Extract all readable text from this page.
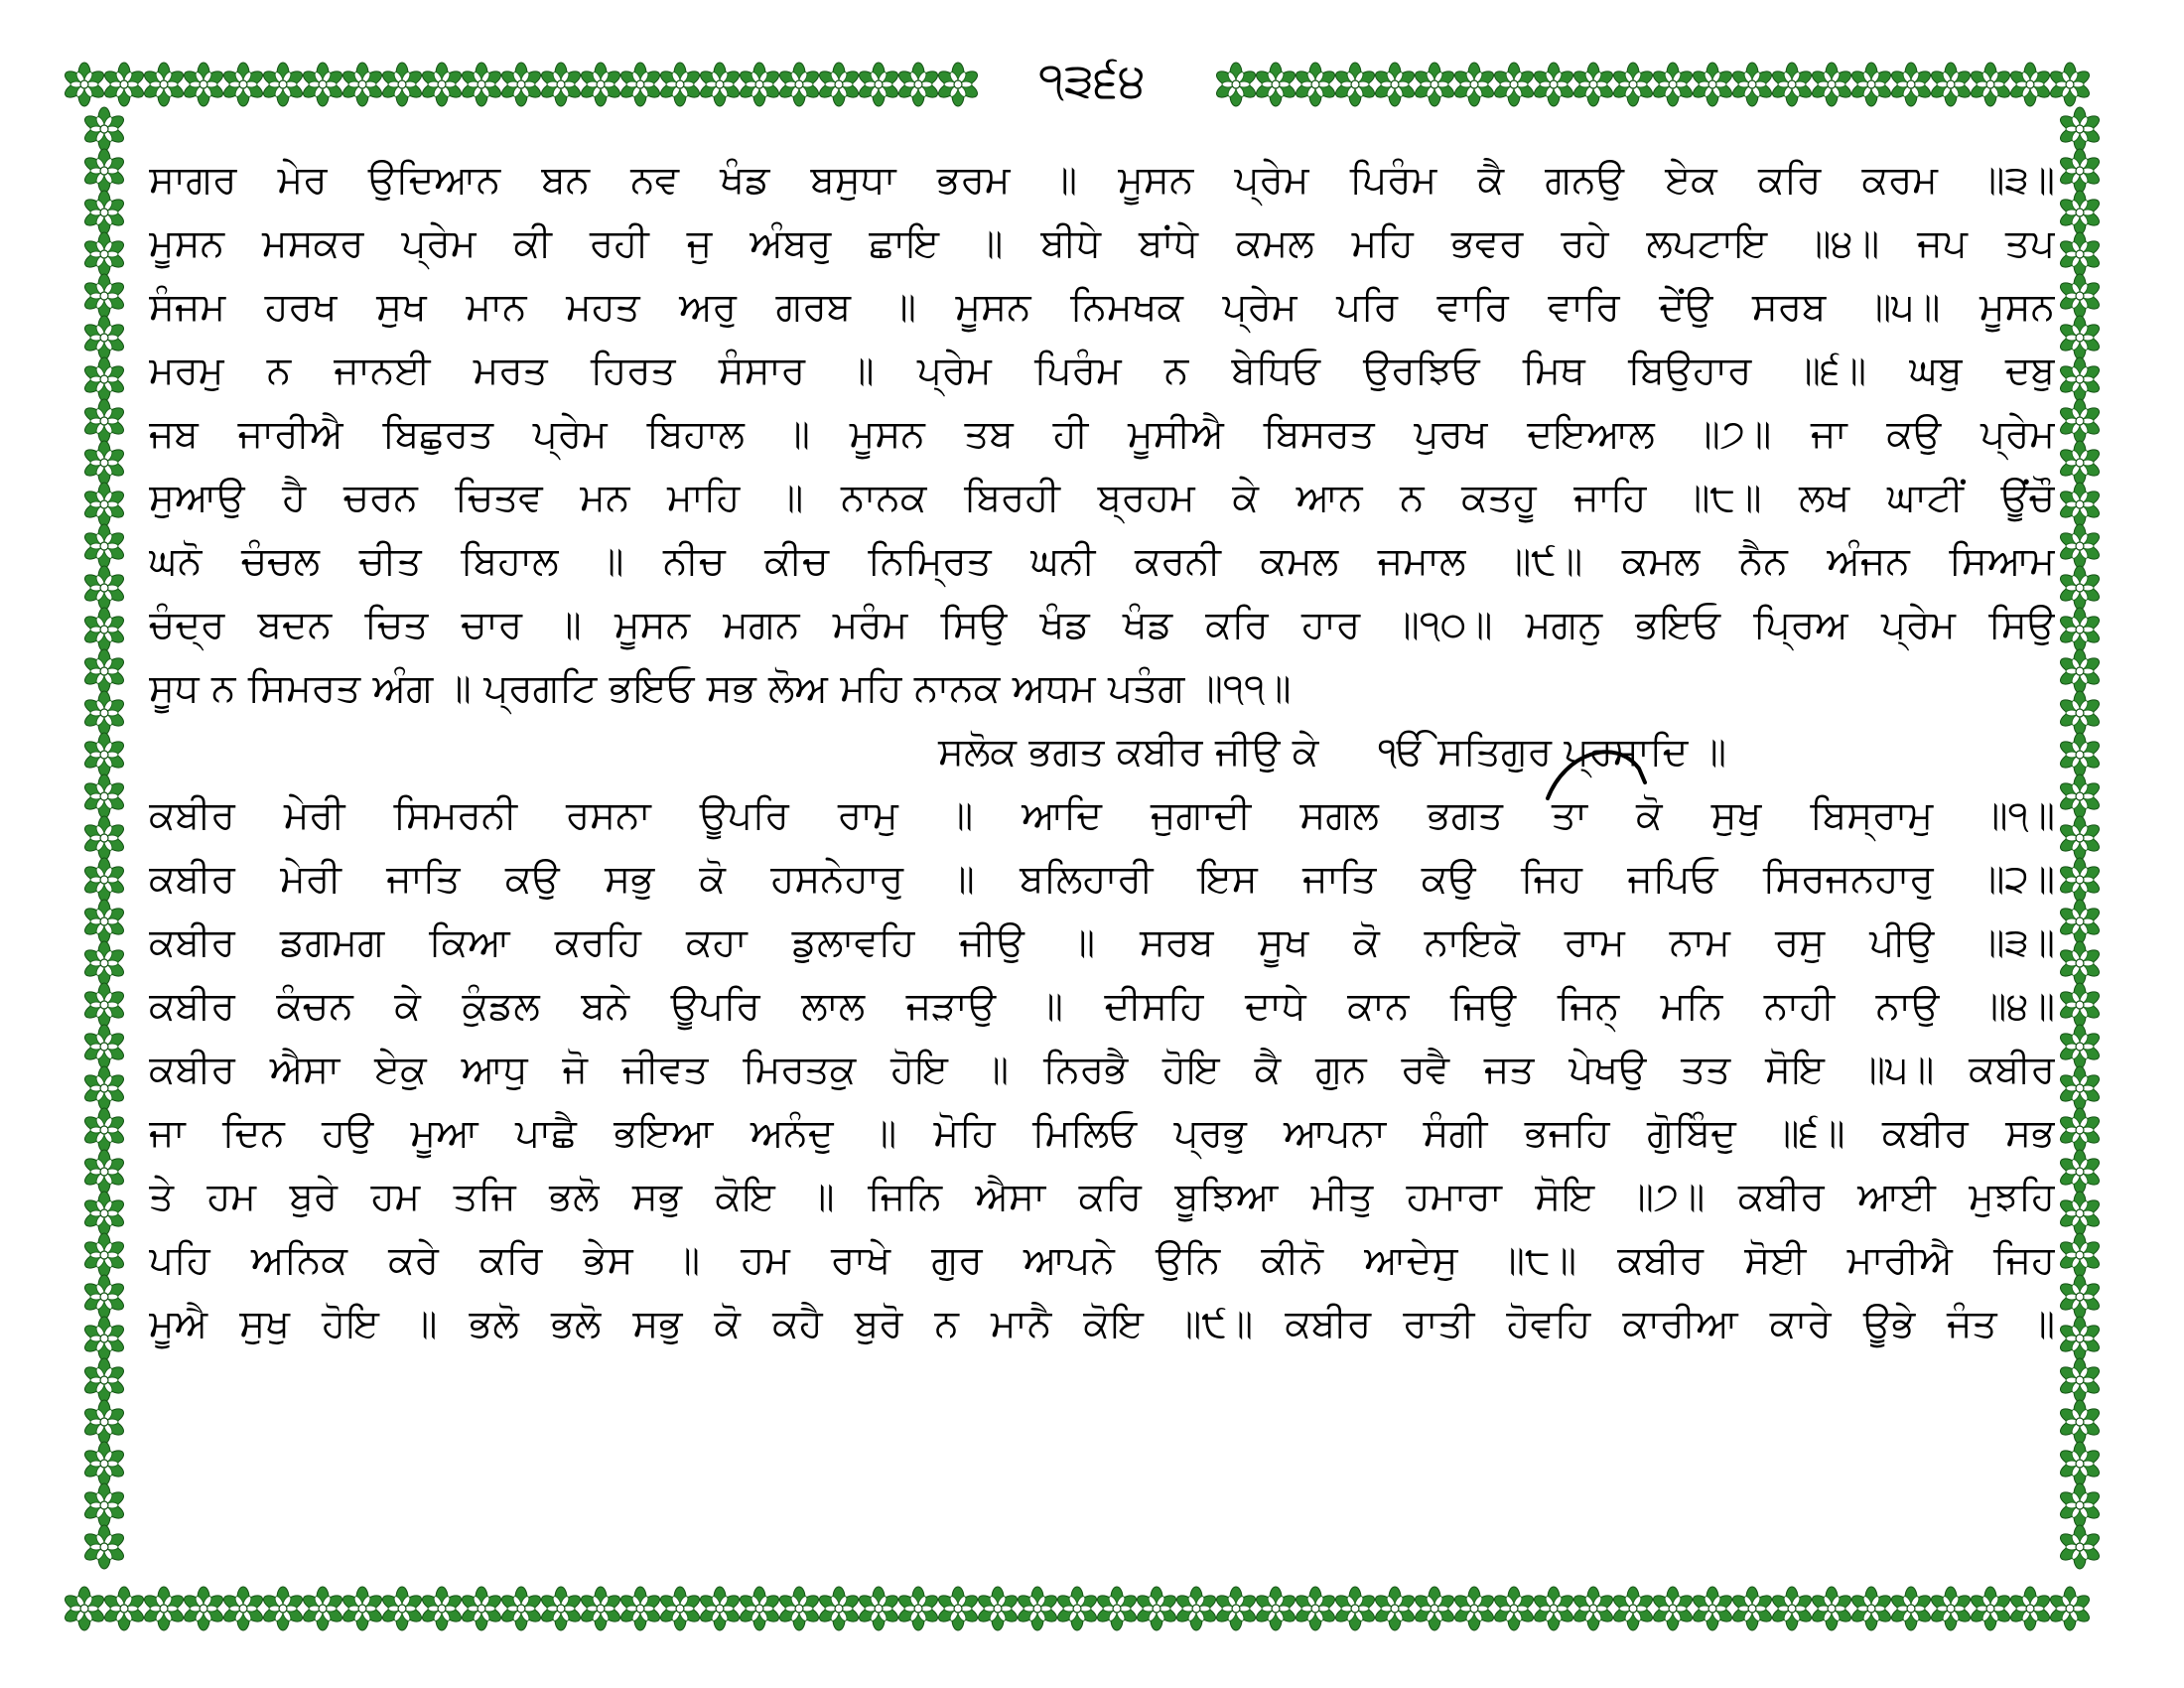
੧੩੬੪
ਸਾਗਰ ਮੇਰ ਉਦਿਆਨ ਬਨ ਨਵ ਖੰਡ ਬਸੁਧਾ ਭਰਮ ॥ ਮੂਸਨ ਪ੍ਰੇਮ ਪਿਰੰਮ ਕੈ ਗਨਉ ਏਕ ਕਰਿ ਕਰਮ ॥੩॥
ਮੂਸਨ ਮਸਕਰ ਪ੍ਰੇਮ ਕੀ ਰਹੀ ਜੁ ਅੰਬਰੁ ਛਾਇ ॥ ਬੀਧੇ ਬਾਂਧੇ ਕਮਲ ਮਹਿ ਭਵਰ ਰਹੇ ਲਪਟਾਇ ॥੪॥ ਜਪ ਤਪ
ਸੰਜਮ ਹਰਖ ਸੁਖ ਮਾਨ ਮਹਤ ਅਰੁ ਗਰਬ ॥ ਮੂਸਨ ਨਿਮਖਕ ਪ੍ਰੇਮ ਪਰਿ ਵਾਰਿ ਵਾਰਿ ਦੇਂਉ ਸਰਬ ॥੫॥ ਮੂਸਨ
ਮਰਮੁ ਨ ਜਾਨਈ ਮਰਤ ਹਿਰਤ ਸੰਸਾਰ ॥ ਪ੍ਰੇਮ ਪਿਰੰਮ ਨ ਬੇਧਿਓ ਉਰਝਿਓ ਮਿਥ ਬਿਉਹਾਰ ॥੬॥ ਘਬੁ ਦਬੁ
ਜਬ ਜਾਰੀਐ ਬਿਛੁਰਤ ਪ੍ਰੇਮ ਬਿਹਾਲ ॥ ਮੂਸਨ ਤਬ ਹੀ ਮੂਸੀਐ ਬਿਸਰਤ ਪੁਰਖ ਦਇਆਲ ॥੭॥ ਜਾ ਕਉ ਪ੍ਰੇਮ
ਸੁਆਉ ਹੈ ਚਰਨ ਚਿਤਵ ਮਨ ਮਾਹਿ ॥ ਨਾਨਕ ਬਿਰਹੀ ਬ੍ਰਹਮ ਕੇ ਆਨ ਨ ਕਤਹੂ ਜਾਹਿ ॥੮॥ ਲਖ ਘਾਟੀਂ ਊਂਚੌ
ਘਨੋ ਚੰਚਲ ਚੀਤ ਬਿਹਾਲ ॥ ਨੀਚ ਕੀਚ ਨਿਮ੍ਰਿਤ ਘਨੀ ਕਰਨੀ ਕਮਲ ਜਮਾਲ ॥੯॥ ਕਮਲ ਨੈਨ ਅੰਜਨ ਸਿਆਮ
ਚੰਦ੍ਰ ਬਦਨ ਚਿਤ ਚਾਰ ॥ ਮੂਸਨ ਮਗਨ ਮਰੰਮ ਸਿਉ ਖੰਡ ਖੰਡ ਕਰਿ ਹਾਰ ॥੧੦॥ ਮਗਨੁ ਭਇਓ ਪ੍ਰਿਅ ਪ੍ਰੇਮ ਸਿਉ
ਸੂਧ ਨ ਸਿਮਰਤ ਅੰਗ ॥ ਪ੍ਰਗਟਿ ਭਇਓ ਸਭ ਲੋਅ ਮਹਿ ਨਾਨਕ ਅਧਮ ਪਤੰਗ ॥੧੧॥
ਸਲੋਕ ਭਗਤ ਕਬੀਰ ਜੀਉ ਕੇ ੴ ਸਤਿਗੁਰ ਪ੍ਰਸਾਦਿ ॥
ਕਬੀਰ ਮੇਰੀ ਸਿਮਰਨੀ ਰਸਨਾ ਊਪਰਿ ਰਾਮੁ ॥ ਆਦਿ ਜੁਗਾਦੀ ਸਗਲ ਭਗਤ ਤਾ ਕੋ ਸੁਖੁ ਬਿਸ੍ਰਾਮੁ ॥੧॥
ਕਬੀਰ ਮੇਰੀ ਜਾਤਿ ਕਉ ਸਭੁ ਕੋ ਹਸਨੇਹਾਰੁ ॥ ਬਲਿਹਾਰੀ ਇਸ ਜਾਤਿ ਕਉ ਜਿਹ ਜਪਿਓ ਸਿਰਜਨਹਾਰੁ ॥੨॥
ਕਬੀਰ ਡਗਮਗ ਕਿਆ ਕਰਹਿ ਕਹਾ ਡੁਲਾਵਹਿ ਜੀਉ ॥ ਸਰਬ ਸੂਖ ਕੋ ਨਾਇਕੋ ਰਾਮ ਨਾਮ ਰਸੁ ਪੀਉ ॥੩॥
ਕਬੀਰ ਕੰਚਨ ਕੇ ਕੁੰਡਲ ਬਨੇ ਊਪਰਿ ਲਾਲ ਜੜਾਉ ॥ ਦੀਸਹਿ ਦਾਧੇ ਕਾਨ ਜਿਉ ਜਿਨ੍ ਮਨਿ ਨਾਹੀ ਨਾਉ ॥੪॥
ਕਬੀਰ ਐਸਾ ਏਕੁ ਆਧੁ ਜੋ ਜੀਵਤ ਮਿਰਤਕੁ ਹੋਇ ॥ ਨਿਰਭੈ ਹੋਇ ਕੈ ਗੁਨ ਰਵੈ ਜਤ ਪੇਖਉ ਤਤ ਸੋਇ ॥੫॥ ਕਬੀਰ
ਜਾ ਦਿਨ ਹਉ ਮੂਆ ਪਾਛੈ ਭਇਆ ਅਨੰਦੁ ॥ ਮੋਹਿ ਮਿਲਿਓ ਪ੍ਰਭੁ ਆਪਨਾ ਸੰਗੀ ਭਜਹਿ ਗੋੁਬਿੰਦੁ ॥੬॥ ਕਬੀਰ ਸਭ
ਤੇ ਹਮ ਬੁਰੇ ਹਮ ਤਜਿ ਭਲੋ ਸਭੁ ਕੋਇ ॥ ਜਿਨਿ ਐਸਾ ਕਰਿ ਬੂਝਿਆ ਮੀਤੁ ਹਮਾਰਾ ਸੋਇ ॥੭॥ ਕਬੀਰ ਆਈ ਮੁਝਹਿ
ਪਹਿ ਅਨਿਕ ਕਰੇ ਕਰਿ ਭੇਸ ॥ ਹਮ ਰਾਖੇ ਗੁਰ ਆਪਨੇ ਉਨਿ ਕੀਨੋ ਆਦੇਸੁ ॥੮॥ ਕਬੀਰ ਸੋਈ ਮਾਰੀਐ ਜਿਹ
ਮੂਐ ਸੁਖੁ ਹੋਇ ॥ ਭਲੋ ਭਲੋ ਸਭੁ ਕੋ ਕਹੈ ਬੁਰੋ ਨ ਮਾਨੈ ਕੋਇ ॥੯॥ ਕਬੀਰ ਰਾਤੀ ਹੋਵਹਿ ਕਾਰੀਆ ਕਾਰੇ ਊਭੇ ਜੰਤ ॥
